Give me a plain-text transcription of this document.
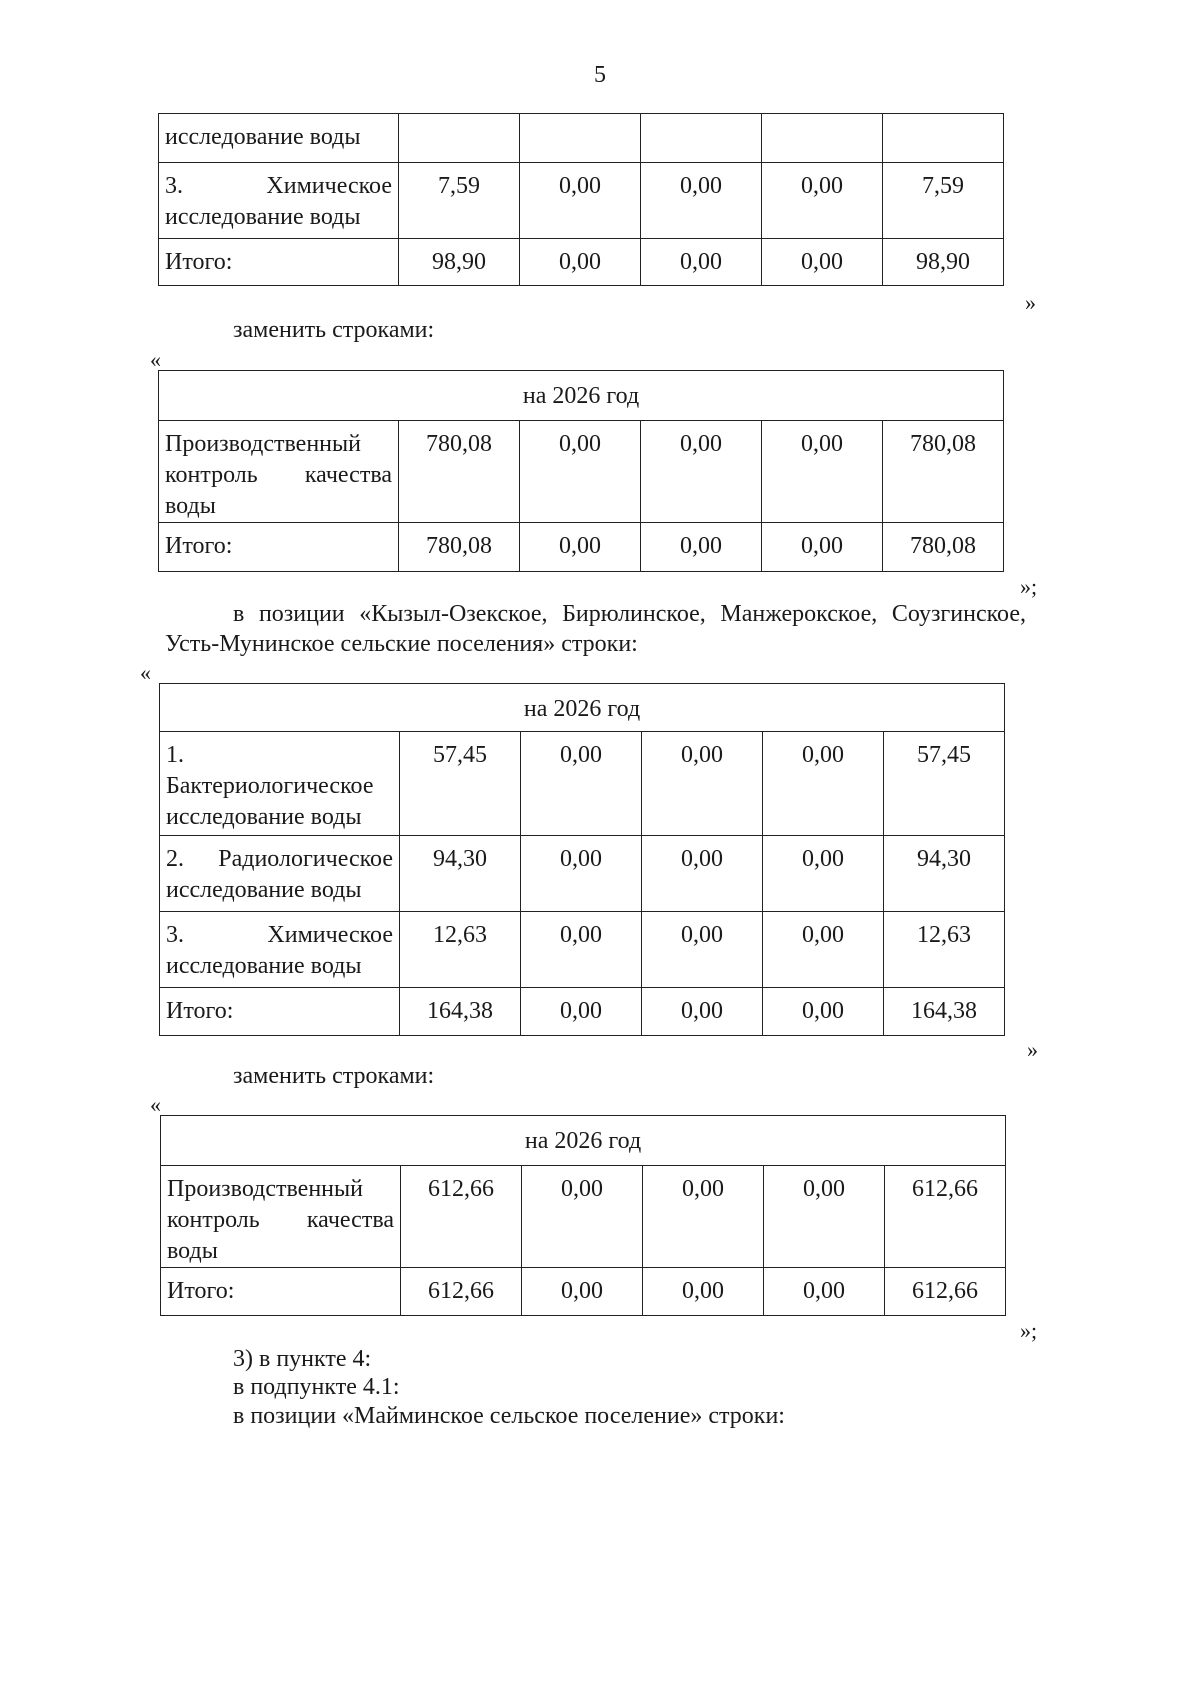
5
исследование воды					

3. Химическое
исследование воды	7,59	0,00	0,00	0,00	7,59

Итого:	98,90	0,00	0,00	0,00	98,90
»
заменить строками:
«
на 2026 год					

Производственный
контроль качества
воды	780,08	0,00	0,00	0,00	780,08

Итого:	780,08	0,00	0,00	0,00	780,08
»;
в позиции «Кызыл-Озекское, Бирюлинское, Манжерокское, Соузгинское,
Усть-Мунинское сельские поселения» строки:
«
на 2026 год					

1.
Бактериологическое
исследование воды	57,45	0,00	0,00	0,00	57,45

2. Радиологическое
исследование воды	94,30	0,00	0,00	0,00	94,30

3. Химическое
исследование воды	12,63	0,00	0,00	0,00	12,63

Итого:	164,38	0,00	0,00	0,00	164,38
»
заменить строками:
«
на 2026 год					

Производственный
контроль качества
воды	612,66	0,00	0,00	0,00	612,66

Итого:	612,66	0,00	0,00	0,00	612,66
»;
3) в пункте 4:
в подпункте 4.1:
в позиции «Майминское сельское поселение» строки:
